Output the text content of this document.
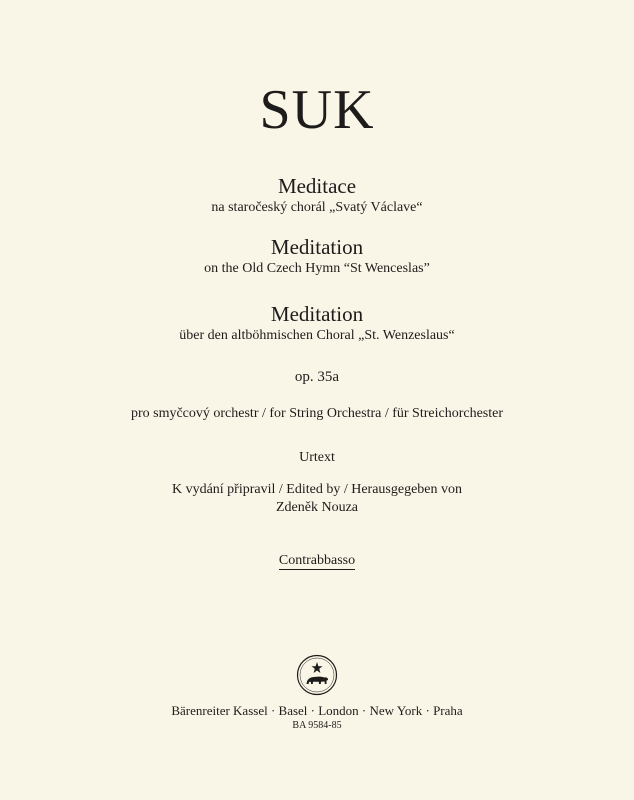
SUK
Meditace
na staročeský chorál „Svatý Václave“
Meditation
on the Old Czech Hymn “St Wenceslas”
Meditation
über den altböhmischen Choral „St. Wenzeslaus“
op. 35a
pro smyčcový orchestr / for String Orchestra / für Streichorchester
Urtext
K vydání připravil / Edited by / Herausgegeben von
Zdeněk Nouza
Contrabbasso
Bärenreiter Kassel · Basel · London · New York · Praha
BA 9584-85
